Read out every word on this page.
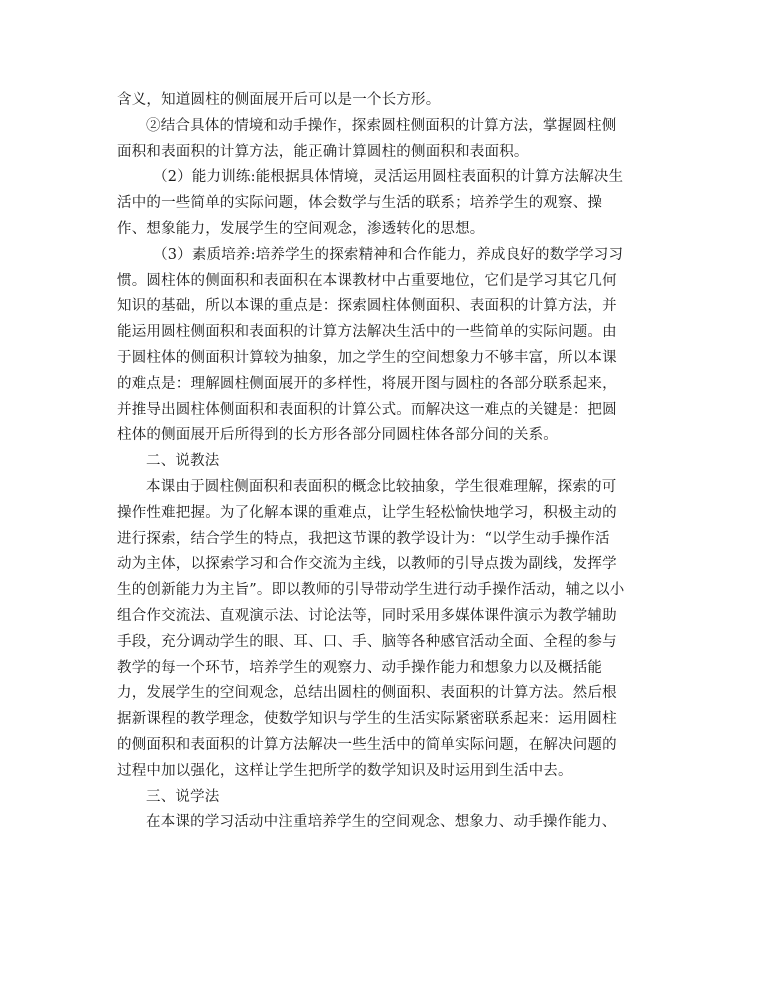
含义，知道圆柱的侧面展开后可以是一个长方形。
②结合具体的情境和动手操作，探索圆柱侧面积的计算方法，掌握圆柱侧
面积和表面积的计算方法，能正确计算圆柱的侧面积和表面积。
（2）能力训练:能根据具体情境，灵活运用圆柱表面积的计算方法解决生
活中的一些简单的实际问题，体会数学与生活的联系；培养学生的观察、操
作、想象能力，发展学生的空间观念，渗透转化的思想。
（3）素质培养:培养学生的探索精神和合作能力，养成良好的数学学习习
惯。圆柱体的侧面积和表面积在本课教材中占重要地位，它们是学习其它几何
知识的基础，所以本课的重点是：探索圆柱体侧面积、表面积的计算方法，并
能运用圆柱侧面积和表面积的计算方法解决生活中的一些简单的实际问题。由
于圆柱体的侧面积计算较为抽象，加之学生的空间想象力不够丰富，所以本课
的难点是：理解圆柱侧面展开的多样性，将展开图与圆柱的各部分联系起来，
并推导出圆柱体侧面积和表面积的计算公式。而解决这一难点的关键是：把圆
柱体的侧面展开后所得到的长方形各部分同圆柱体各部分间的关系。
二、说教法
本课由于圆柱侧面积和表面积的概念比较抽象，学生很难理解，探索的可
操作性难把握。为了化解本课的重难点，让学生轻松愉快地学习，积极主动的
进行探索，结合学生的特点，我把这节课的教学设计为：“以学生动手操作活
动为主体，以探索学习和合作交流为主线，以教师的引导点拨为副线，发挥学
生的创新能力为主旨”。即以教师的引导带动学生进行动手操作活动，辅之以小
组合作交流法、直观演示法、讨论法等，同时采用多媒体课件演示为教学辅助
手段，充分调动学生的眼、耳、口、手、脑等各种感官活动全面、全程的参与
教学的每一个环节，培养学生的观察力、动手操作能力和想象力以及概括能
力，发展学生的空间观念，总结出圆柱的侧面积、表面积的计算方法。然后根
据新课程的教学理念，使数学知识与学生的生活实际紧密联系起来：运用圆柱
的侧面积和表面积的计算方法解决一些生活中的简单实际问题，在解决问题的
过程中加以强化，这样让学生把所学的数学知识及时运用到生活中去。
三、说学法
在本课的学习活动中注重培养学生的空间观念、想象力、动手操作能力、
